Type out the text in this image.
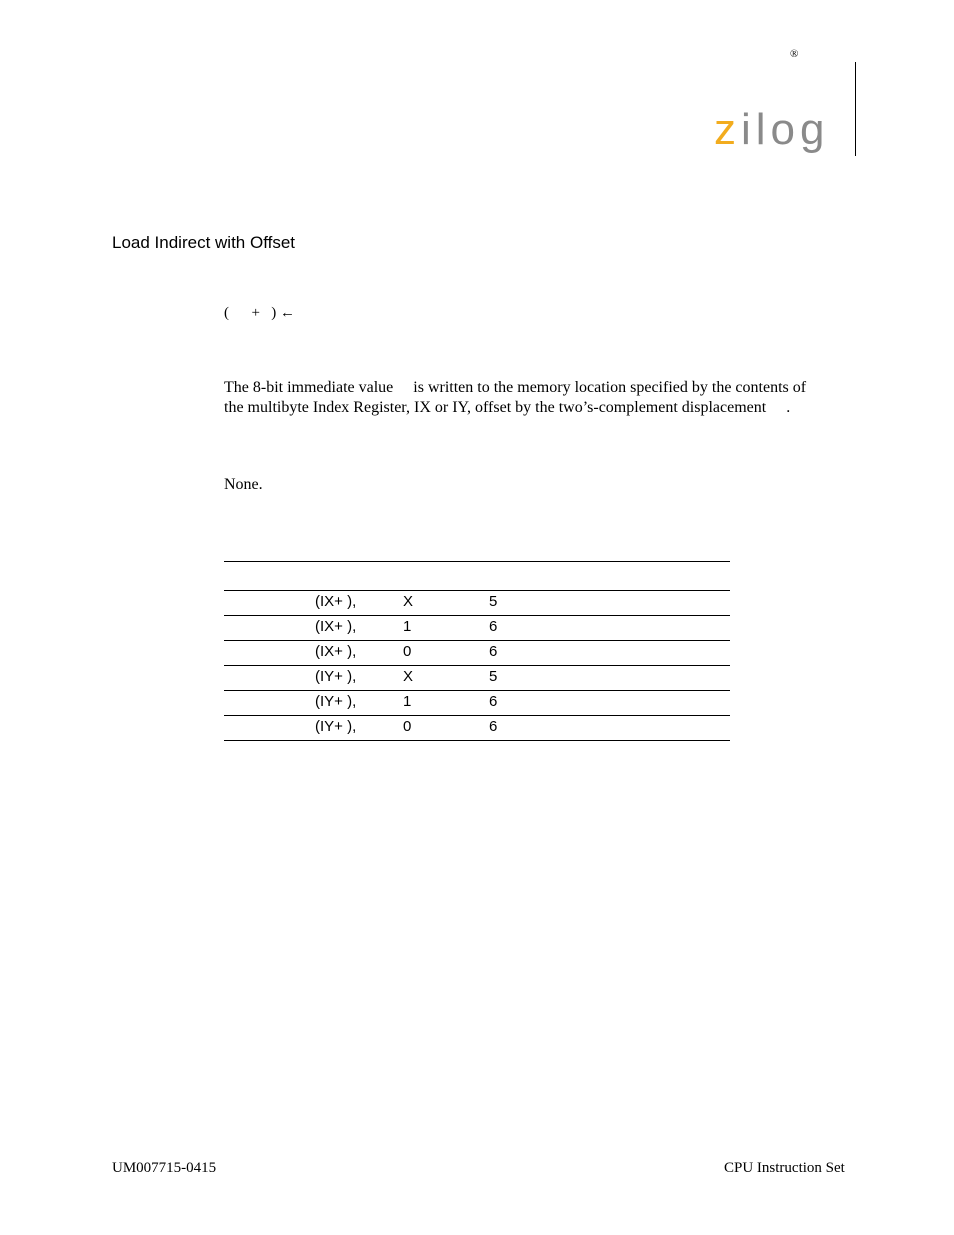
®
zilog
Load Indirect with Offset
(      +   ) ←

The 8-bit immediate value     is written to the memory location specified by the contents of

the multibyte Index Register, IX or IY, offset by the two’s-complement displacement     .

None.
(IX+ ),	X	5
(IX+ ),	1	6
(IX+ ),	0	6
(IY+ ),	X	5
(IY+ ),	1	6
(IY+ ),	0	6
UM007715-0415	CPU Instruction Set
